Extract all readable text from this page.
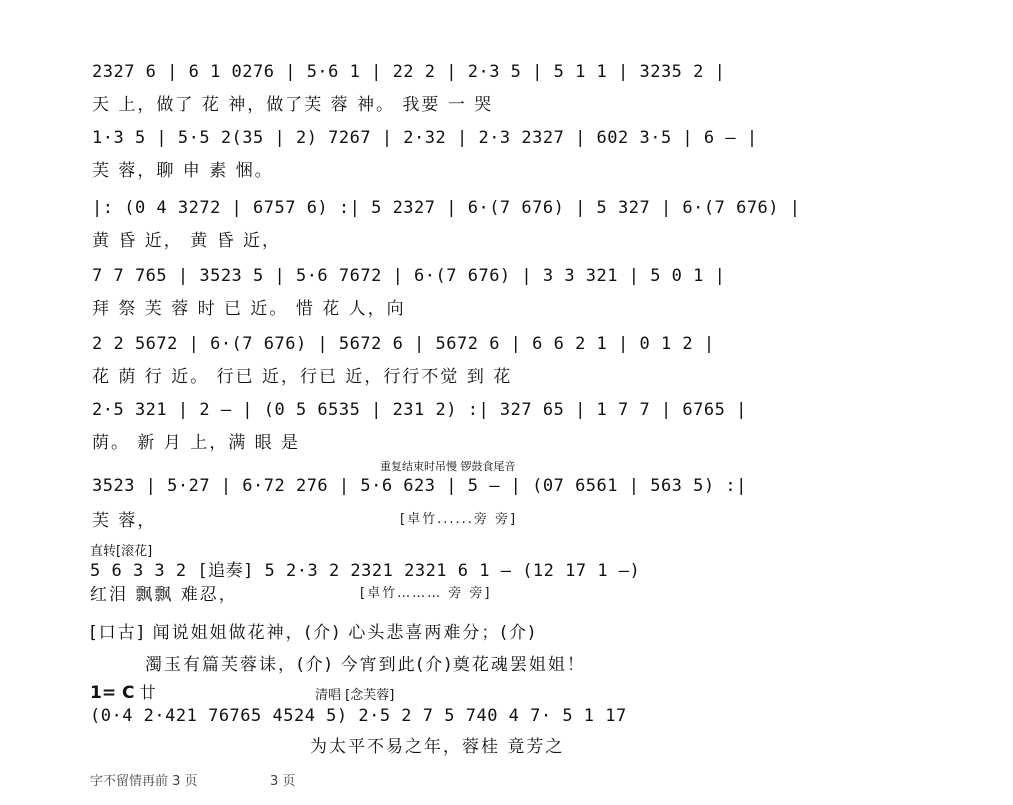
2327 6 | 6 1 0276 | 5·6 1 | 22 2 | 2·3 5 | 5 1 1 | 3235 2 |
天 上，做了 花 神，做了芙 蓉 神。 我要 一 哭
1·3 5 | 5·5 2(35 | 2) 7267 | 2·32 | 2·3 2327 | 602 3·5 | 6 — |
芙 蓉，聊 申 素 悃。
|: (0 4 3272 | 6757 6) :| 5 2327 | 6·(7 676) | 5 327 | 6·(7 676) |
黄 昏 近， 黄 昏 近，
7 7 765 | 3523 5 | 5·6 7672 | 6·(7 676) | 3 3 321 | 5 0 1 |
拜 祭 芙 蓉 时 已 近。 惜 花 人，向
2 2 5672 | 6·(7 676) | 5672 6 | 5672 6 | 6 6 2 1 | 0 1 2 |
花 荫 行 近。 行已 近，行已 近，行行不觉 到 花
2·5 321 | 2 — | (0 5 6535 | 231 2) :| 327 65 | 1 7 7 | 6765 |
荫。 新 月 上，满 眼 是
重复结束时吊慢 锣鼓食尾音
3523 | 5·27 | 6·72 276 | 5·6 623 | 5 — | (07 6561 | 563 5) :|
芙 蓉，	[卓竹......旁 旁]
直转[滚花]
5 6 3 3 2 [追奏] 5 2·3 2 2321 2321 6 1 — (12 17 1 —)
红泪 飘飘 难忍，	[卓竹……… 旁 旁]
[口古] 闻说姐姐做花神，(介) 心头悲喜两难分；(介)
濁玉有篇芙蓉诔，(介) 今宵到此(介)奠花魂罢姐姐！
1= C 廿	清唱 [念芙蓉]
(0·4 2·421 76765 4524 5) 2·5 2 7 5 740 4 7· 5 1 17
为太平不易之年，蓉桂 竟芳之
字不留情再前 3 页	3 页
